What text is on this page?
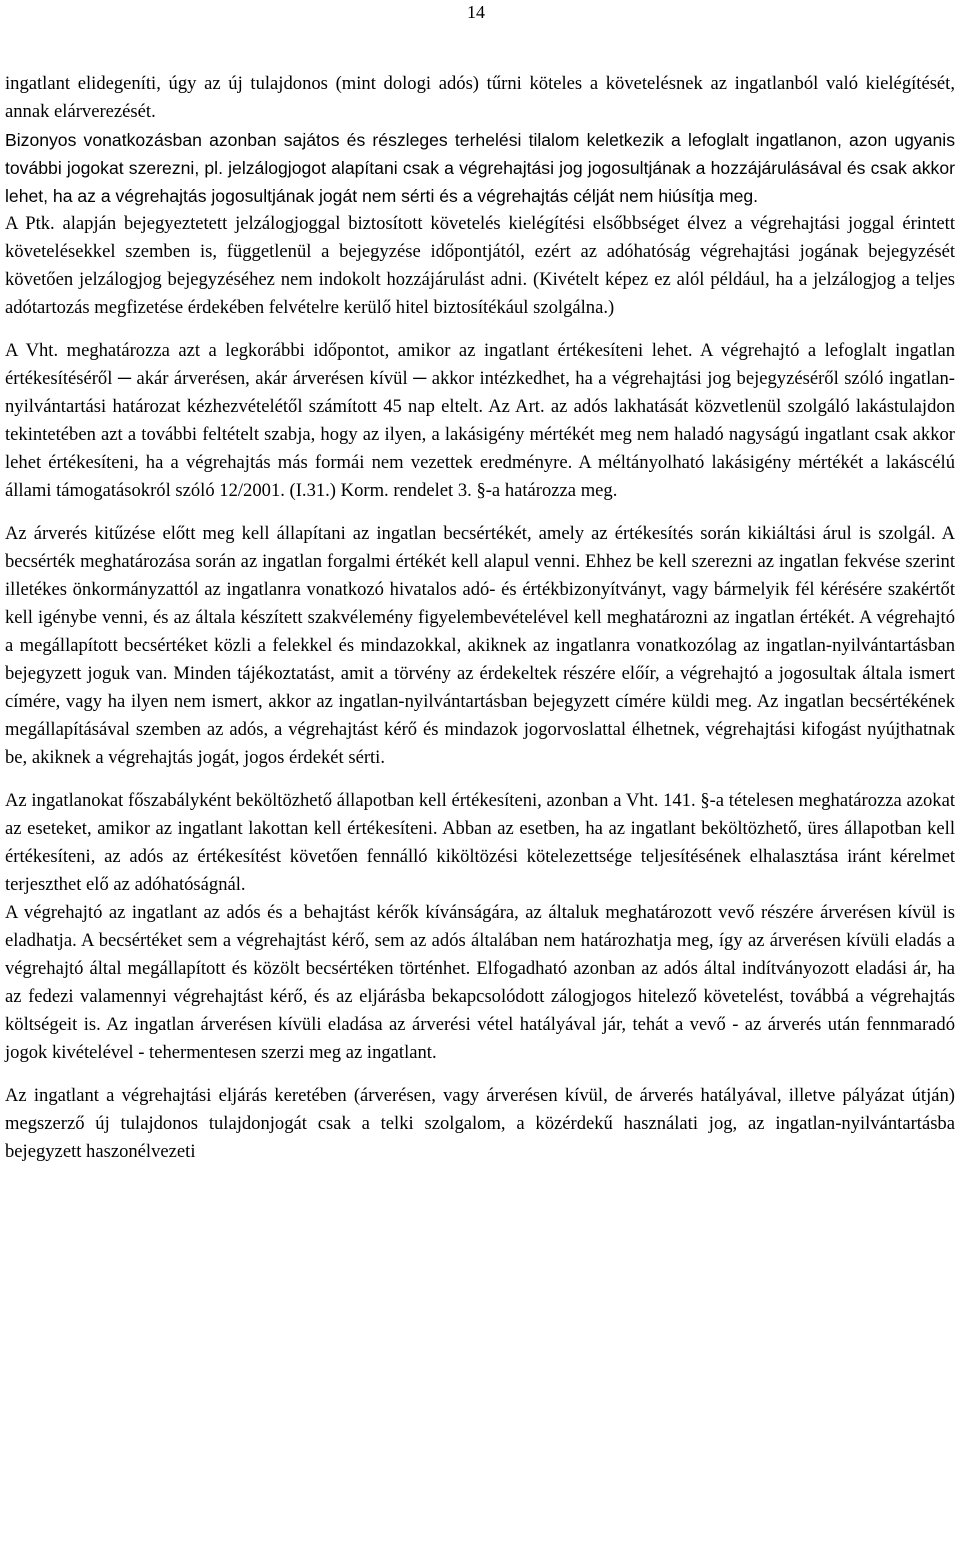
14

ingatlant elidegeníti, úgy az új tulajdonos (mint dologi adós) tűrni köteles a követelésnek az ingatlanból való kielégítését, annak elárverezését.

Bizonyos vonatkozásban azonban sajátos és részleges terhelési tilalom keletkezik a lefoglalt ingatlanon, azon ugyanis további jogokat szerezni, pl. jelzálogjogot alapítani csak a végrehajtási jog jogosultjának a hozzájárulásával és csak akkor lehet, ha az a végrehajtás jogosultjának jogát nem sérti és a végrehajtás célját nem hiúsítja meg.

A Ptk. alapján bejegyeztetett jelzálogjoggal biztosított követelés kielégítési elsőbbséget élvez a végrehajtási joggal érintett követelésekkel szemben is, függetlenül a bejegyzése időpontjától, ezért az adóhatóság végrehajtási jogának bejegyzését követően jelzálogjog bejegyzéséhez nem indokolt hozzájárulást adni. (Kivételt képez ez alól például, ha a jelzálogjog a teljes adótartozás megfizetése érdekében felvételre kerülő hitel biztosítékául szolgálna.)

A Vht. meghatározza azt a legkorábbi időpontot, amikor az ingatlant értékesíteni lehet. A végrehajtó a lefoglalt ingatlan értékesítéséről ─ akár árverésen, akár árverésen kívül ─ akkor intézkedhet, ha a végrehajtási jog bejegyzéséről szóló ingatlan-nyilvántartási határozat kézhezvételétől számított 45 nap eltelt. Az Art. az adós lakhatását közvetlenül szolgáló lakástulajdon tekintetében azt a további feltételt szabja, hogy az ilyen, a lakásigény mértékét meg nem haladó nagyságú ingatlant csak akkor lehet értékesíteni, ha a végrehajtás más formái nem vezettek eredményre. A méltányolható lakásigény mértékét a lakáscélú állami támogatásokról szóló 12/2001. (I.31.) Korm. rendelet 3. §-a határozza meg.
Az árverés kitűzése előtt meg kell állapítani az ingatlan becsértékét, amely az értékesítés során kikiáltási árul is szolgál. A becsérték meghatározása során az ingatlan forgalmi értékét kell alapul venni. Ehhez be kell szerezni az ingatlan fekvése szerint illetékes önkormányzattól az ingatlanra vonatkozó hivatalos adó- és értékbizonyítványt, vagy bármelyik fél kérésére szakértőt kell igénybe venni, és az általa készített szakvélemény figyelembevételével kell meghatározni az ingatlan értékét. A végrehajtó a megállapított becsértéket közli a felekkel és mindazokkal, akiknek az ingatlanra vonatkozólag az ingatlan-nyilvántartásban bejegyzett joguk van. Minden tájékoztatást, amit a törvény az érdekeltek részére előír, a végrehajtó a jogosultak általa ismert címére, vagy ha ilyen nem ismert, akkor az ingatlan-nyilvántartásban bejegyzett címére küldi meg. Az ingatlan becsértékének megállapításával szemben az adós, a végrehajtást kérő és mindazok jogorvoslattal élhetnek, végrehajtási kifogást nyújthatnak be, akiknek a végrehajtás jogát, jogos érdekét sérti.

Az ingatlanokat főszabályként beköltözhető állapotban kell értékesíteni, azonban a Vht. 141. §-a tételesen meghatározza azokat az eseteket, amikor az ingatlant lakottan kell értékesíteni. Abban az esetben, ha az ingatlant beköltözhető, üres állapotban kell értékesíteni, az adós az értékesítést követően fennálló kiköltözési kötelezettsége teljesítésének elhalasztása iránt kérelmet terjeszthet elő az adóhatóságnál.

A végrehajtó az ingatlant az adós és a behajtást kérők kívánságára, az általuk meghatározott vevő részére árverésen kívül is eladhatja. A becsértéket sem a végrehajtást kérő, sem az adós általában nem határozhatja meg, így az árverésen kívüli eladás a végrehajtó által megállapított és közölt becsértéken történhet. Elfogadható azonban az adós által indítványozott eladási ár, ha az fedezi valamennyi végrehajtást kérő, és az eljárásba bekapcsolódott zálogjogos hitelező követelést, továbbá a végrehajtás költségeit is. Az ingatlan árverésen kívüli eladása az árverési vétel hatályával jár, tehát a vevő - az árverés után fennmaradó jogok kivételével - tehermentesen szerzi meg az ingatlant.

Az ingatlant a végrehajtási eljárás keretében (árverésen, vagy árverésen kívül, de árverés hatályával, illetve pályázat útján) megszerző új tulajdonos tulajdonjogát csak a telki szolgalom, a közérdekű használati jog, az ingatlan-nyilvántartásba bejegyzett haszonélvezeti
